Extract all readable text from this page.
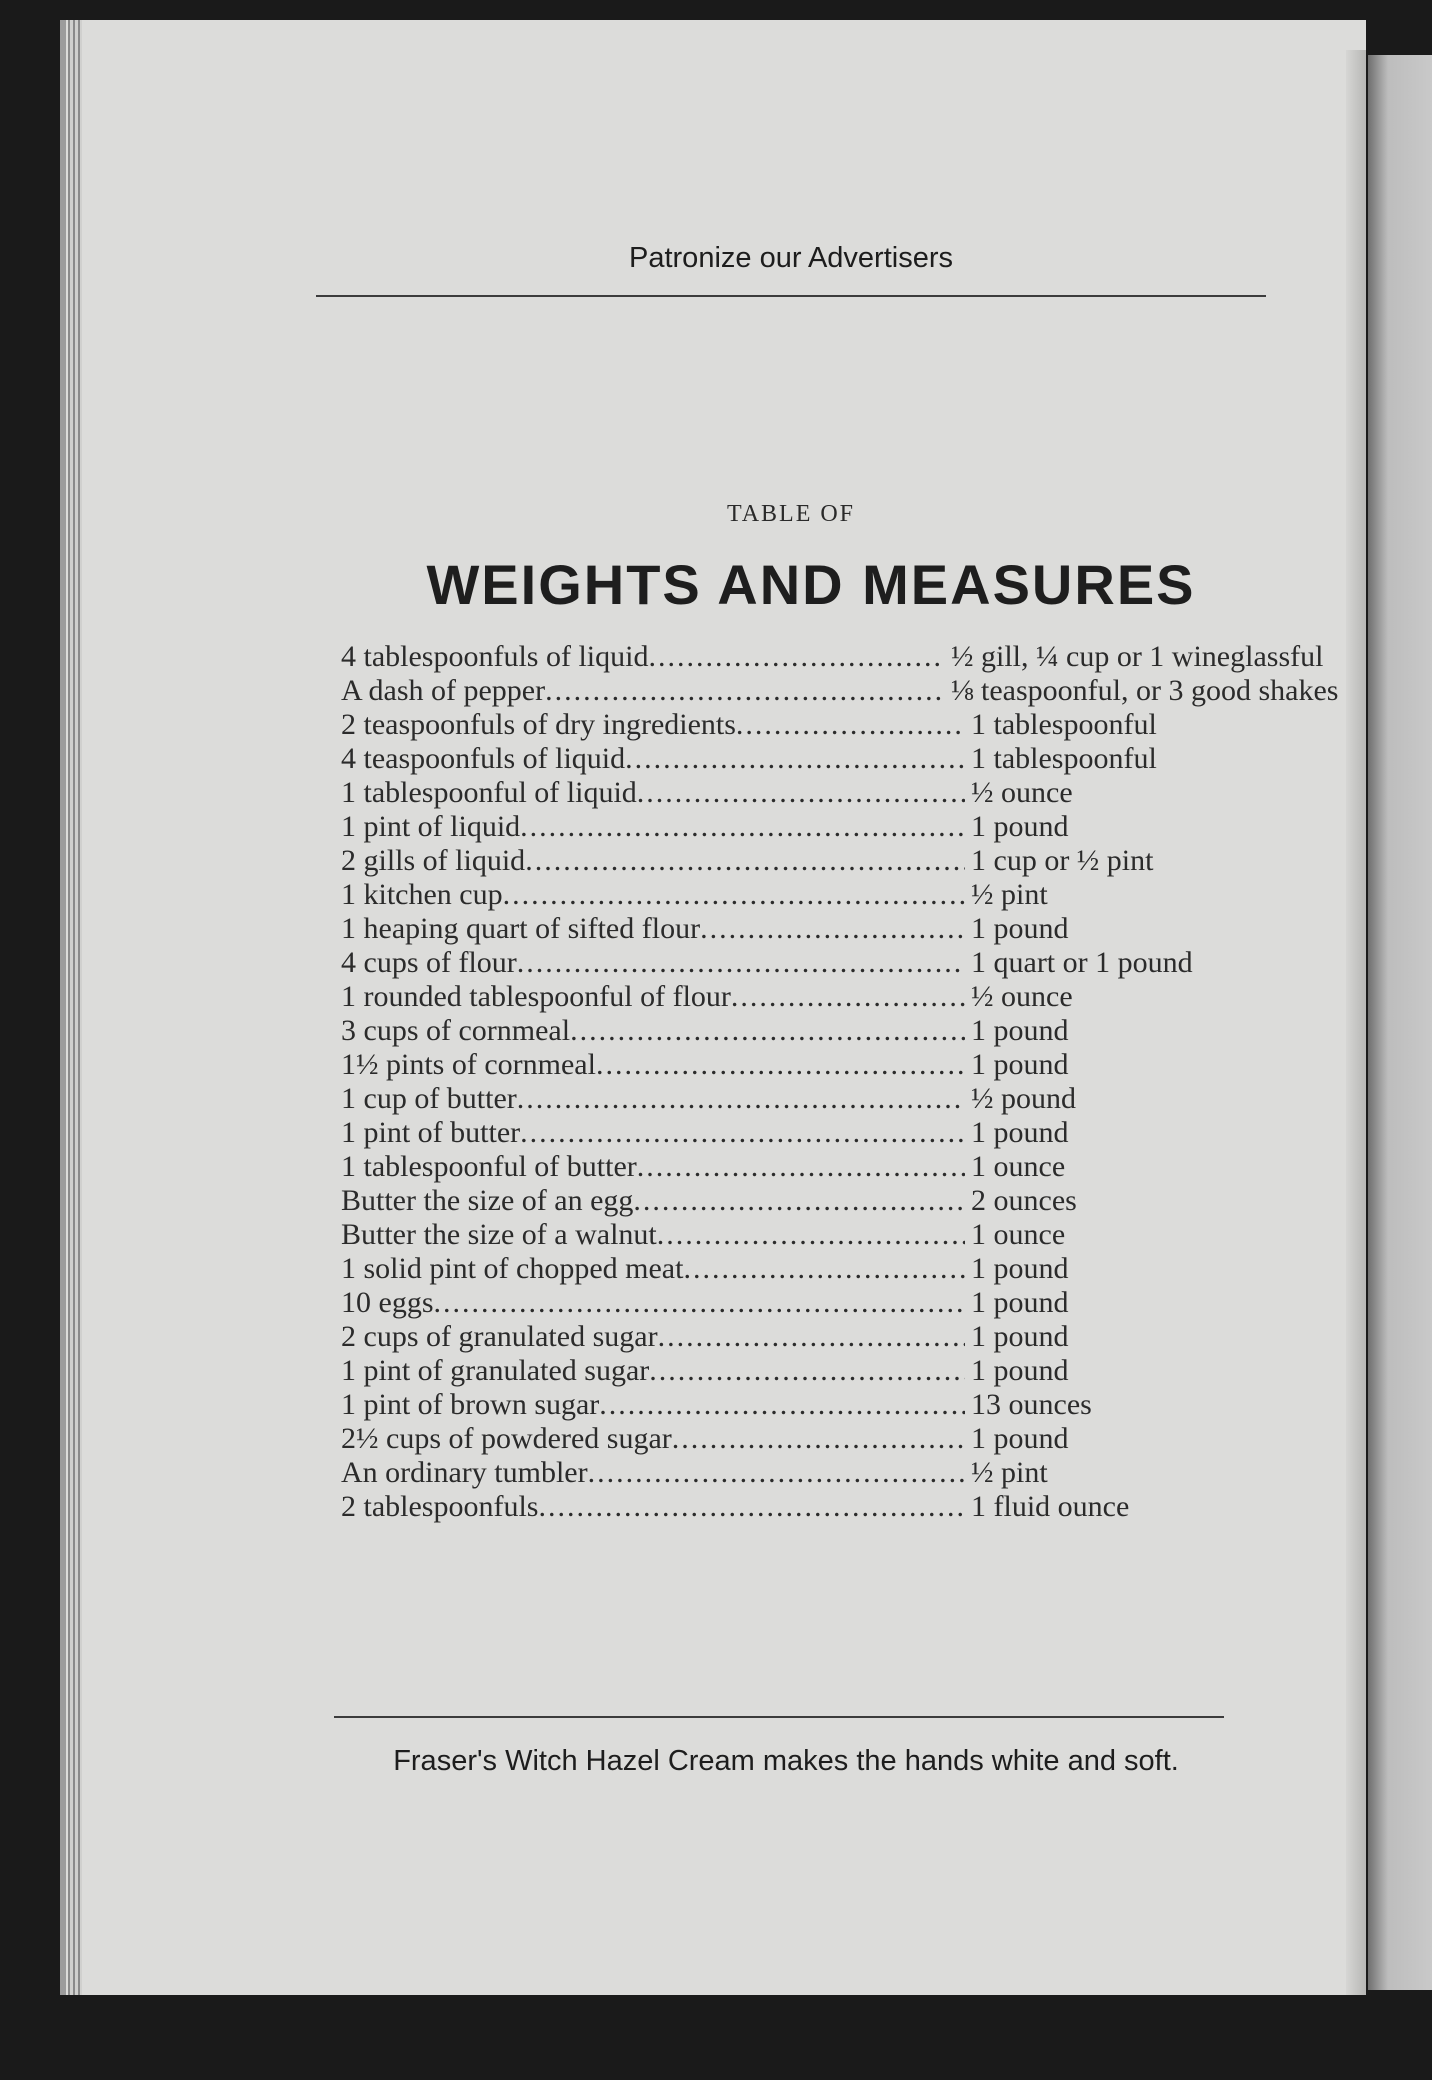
Patronize our Advertisers
TABLE OF
WEIGHTS AND MEASURES
4 tablespoonfuls of liquid .....	½ gill, ¼ cup or 1 wineglassful
A dash of pepper .....	⅛ teaspoonful, or 3 good shakes
2 teaspoonfuls of dry ingredients .....	1 tablespoonful
4 teaspoonfuls of liquid .....	1 tablespoonful
1 tablespoonful of liquid .....	½ ounce
1 pint of liquid .....	1 pound
2 gills of liquid .....	1 cup or ½ pint
1 kitchen cup .....	½ pint
1 heaping quart of sifted flour .....	1 pound
4 cups of flour .....	1 quart or 1 pound
1 rounded tablespoonful of flour .....	½ ounce
3 cups of cornmeal .....	1 pound
1½ pints of cornmeal .....	1 pound
1 cup of butter .....	½ pound
1 pint of butter .....	1 pound
1 tablespoonful of butter .....	1 ounce
Butter the size of an egg .....	2 ounces
Butter the size of a walnut .....	1 ounce
1 solid pint of chopped meat .....	1 pound
10 eggs .....	1 pound
2 cups of granulated sugar .....	1 pound
1 pint of granulated sugar .....	1 pound
1 pint of brown sugar .....	13 ounces
2½ cups of powdered sugar .....	1 pound
An ordinary tumbler .....	½ pint
2 tablespoonfuls .....	1 fluid ounce
Fraser's Witch Hazel Cream makes the hands white and soft.
